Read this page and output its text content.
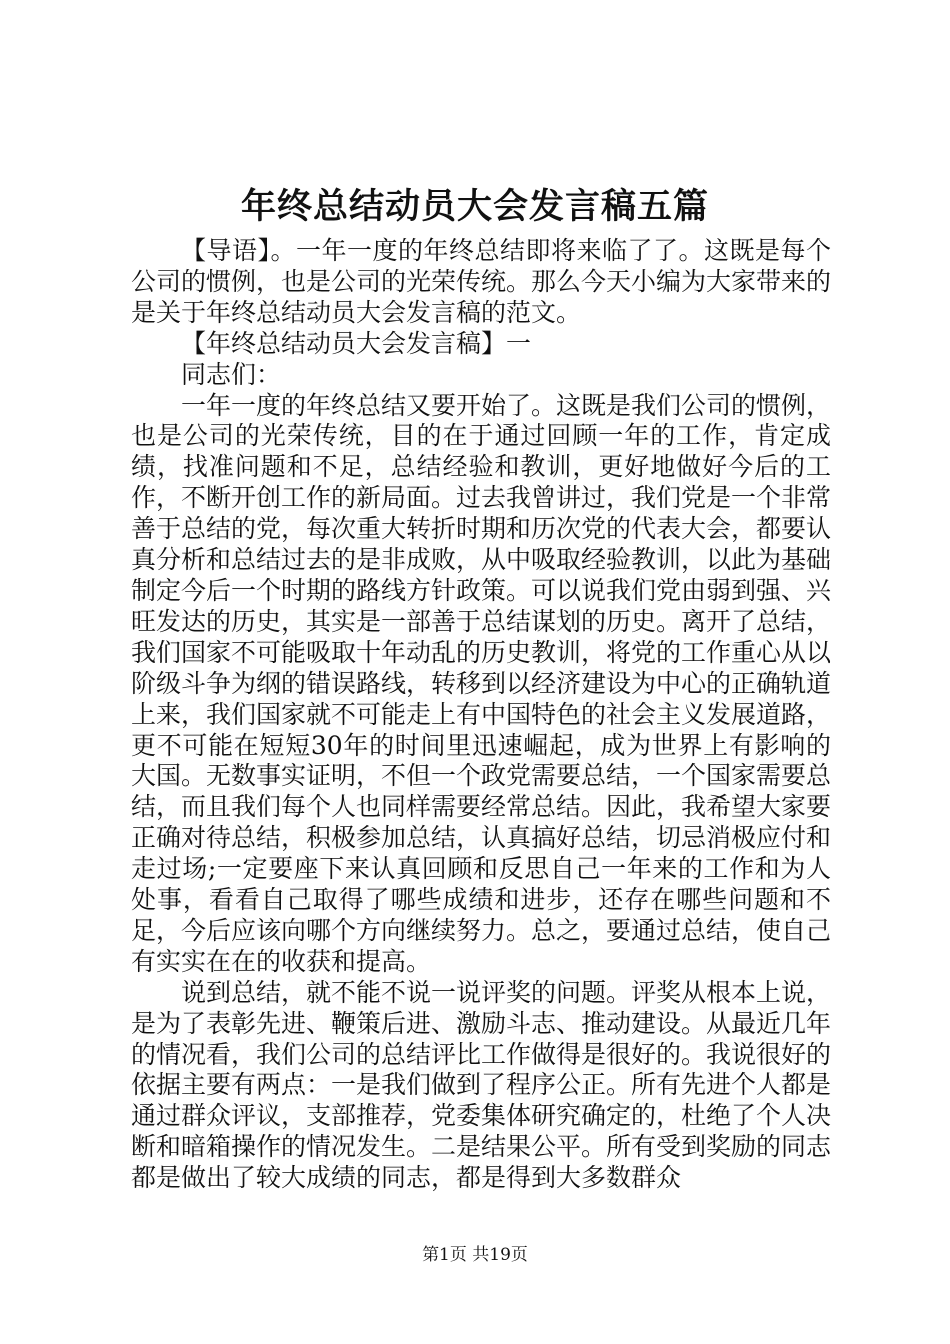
年终总结动员大会发言稿五篇

【导语】。一年一度的年终总结即将来临了了。这既是每个公司的惯例，也是公司的光荣传统。那么今天小编为大家带来的是关于年终总结动员大会发言稿的范文。

【年终总结动员大会发言稿】一

同志们：

一年一度的年终总结又要开始了。这既是我们公司的惯例，也是公司的光荣传统，目的在于通过回顾一年的工作，肯定成绩，找准问题和不足，总结经验和教训，更好地做好今后的工作，不断开创工作的新局面。过去我曾讲过，我们党是一个非常善于总结的党，每次重大转折时期和历次党的代表大会，都要认真分析和总结过去的是非成败，从中吸取经验教训，以此为基础制定今后一个时期的路线方针政策。可以说我们党由弱到强、兴旺发达的历史，其实是一部善于总结谋划的历史。离开了总结，我们国家不可能吸取十年动乱的历史教训，将党的工作重心从以阶级斗争为纲的错误路线，转移到以经济建设为中心的正确轨道上来，我们国家就不可能走上有中国特色的社会主义发展道路，更不可能在短短30年的时间里迅速崛起，成为世界上有影响的大国。无数事实证明，不但一个政党需要总结，一个国家需要总结，而且我们每个人也同样需要经常总结。因此，我希望大家要正确对待总结，积极参加总结，认真搞好总结，切忌消极应付和走过场;一定要座下来认真回顾和反思自己一年来的工作和为人处事，看看自己取得了哪些成绩和进步，还存在哪些问题和不足，今后应该向哪个方向继续努力。总之，要通过总结，使自己有实实在在的收获和提高。

说到总结，就不能不说一说评奖的问题。评奖从根本上说，是为了表彰先进、鞭策后进、激励斗志、推动建设。从最近几年的情况看，我们公司的总结评比工作做得是很好的。我说很好的依据主要有两点：一是我们做到了程序公正。所有先进个人都是通过群众评议，支部推荐，党委集体研究确定的，杜绝了个人决断和暗箱操作的情况发生。二是结果公平。所有受到奖励的同志都是做出了较大成绩的同志，都是得到大多数群众

第1页 共19页
